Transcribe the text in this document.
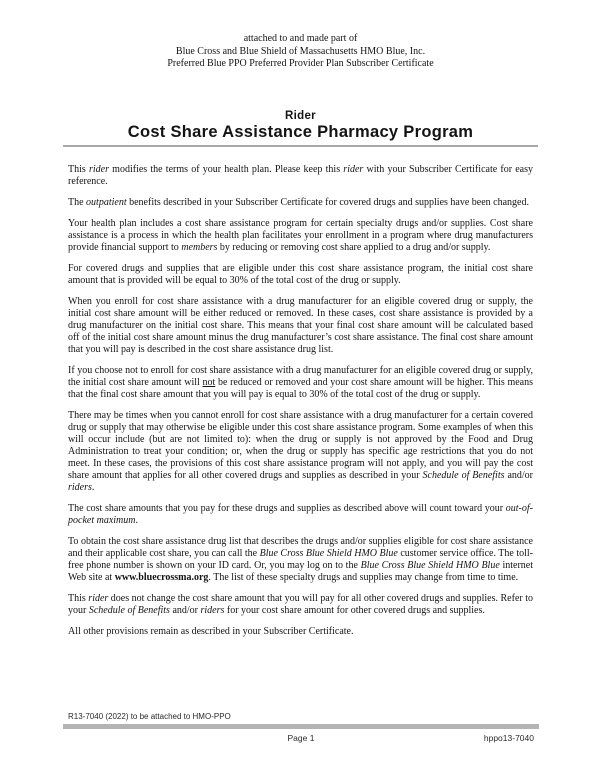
attached to and made part of
Blue Cross and Blue Shield of Massachusetts HMO Blue, Inc.
Preferred Blue PPO Preferred Provider Plan Subscriber Certificate
Rider
Cost Share Assistance Pharmacy Program

This rider modifies the terms of your health plan. Please keep this rider with your Subscriber Certificate for easy reference.

The outpatient benefits described in your Subscriber Certificate for covered drugs and supplies have been changed.

Your health plan includes a cost share assistance program for certain specialty drugs and/or supplies. Cost share assistance is a process in which the health plan facilitates your enrollment in a program where drug manufacturers provide financial support to members by reducing or removing cost share applied to a drug and/or supply.

For covered drugs and supplies that are eligible under this cost share assistance program, the initial cost share amount that is provided will be equal to 30% of the total cost of the drug or supply.

When you enroll for cost share assistance with a drug manufacturer for an eligible covered drug or supply, the initial cost share amount will be either reduced or removed. In these cases, cost share assistance is provided by a drug manufacturer on the initial cost share. This means that your final cost share amount will be calculated based off of the initial cost share amount minus the drug manufacturer’s cost share assistance. The final cost share amount that you will pay is described in the cost share assistance drug list.

If you choose not to enroll for cost share assistance with a drug manufacturer for an eligible covered drug or supply, the initial cost share amount will not be reduced or removed and your cost share amount will be higher. This means that the final cost share amount that you will pay is equal to 30% of the total cost of the drug or supply.

There may be times when you cannot enroll for cost share assistance with a drug manufacturer for a certain covered drug or supply that may otherwise be eligible under this cost share assistance program. Some examples of when this will occur include (but are not limited to): when the drug or supply is not approved by the Food and Drug Administration to treat your condition; or, when the drug or supply has specific age restrictions that you do not meet. In these cases, the provisions of this cost share assistance program will not apply, and you will pay the cost share amount that applies for all other covered drugs and supplies as described in your Schedule of Benefits and/or riders.

The cost share amounts that you pay for these drugs and supplies as described above will count toward your out-of-pocket maximum.

To obtain the cost share assistance drug list that describes the drugs and/or supplies eligible for cost share assistance and their applicable cost share, you can call the Blue Cross Blue Shield HMO Blue customer service office. The toll-free phone number is shown on your ID card. Or, you may log on to the Blue Cross Blue Shield HMO Blue internet Web site at www.bluecrossma.org. The list of these specialty drugs and supplies may change from time to time.

This rider does not change the cost share amount that you will pay for all other covered drugs and supplies. Refer to your Schedule of Benefits and/or riders for your cost share amount for other covered drugs and supplies.

All other provisions remain as described in your Subscriber Certificate.

R13-7040 (2022) to be attached to HMO-PPO
Page 1	hppo13-7040
